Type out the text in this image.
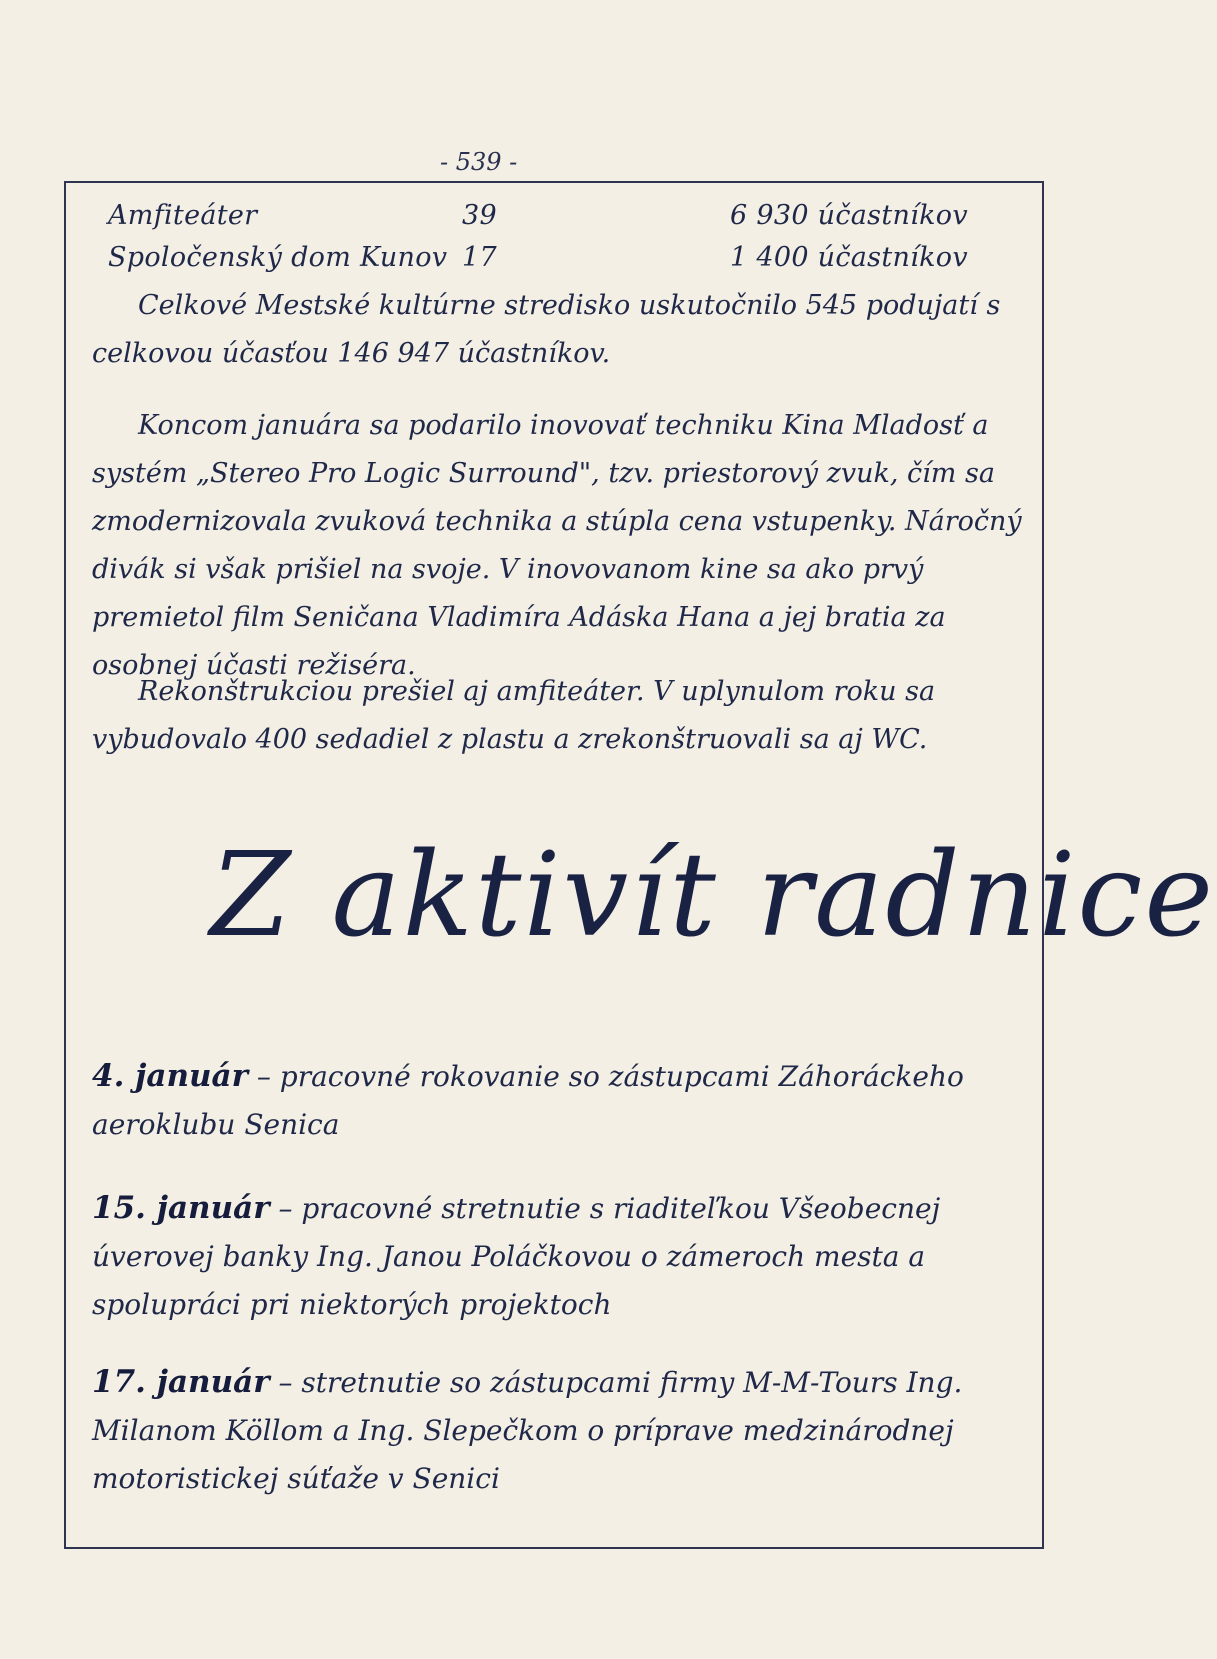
- 539 -
Amfiteáter	39	6 930 účastníkov
Spoločenský dom Kunov 17	1 400 účastníkov
Celkové Mestské kultúrne stredisko uskutočnilo 545 podujatí s celkovou účasťou 146 947 účastníkov.
Koncom januára sa podarilo inovovať techniku Kina Mladosť a systém „Stereo Pro Logic Surround", tzv. priestorový zvuk, čím sa zmodernizovala zvuková technika a stúpla cena vstupenky. Náročný divák si však prišiel na svoje. V inovovanom kine sa ako prvý premietol film Seničana Vladimíra Adáska Hana a jej bratia za osobnej účasti režiséra.
Rekonštrukciou prešiel aj amfiteáter. V uplynulom roku sa vybudovalo 400 sedadiel z plastu a zrekonštruovali sa aj WC.
Z aktivít radnice
4. január – pracovné rokovanie so zástupcami Záhoráckeho aeroklubu Senica
15. január – pracovné stretnutie s riaditeľkou Všeobecnej úverovej banky Ing. Janou Poláčkovou o zámeroch mesta a spolupráci pri niektorých projektoch
17. január – stretnutie so zástupcami firmy M-M-Tours Ing. Milanom Köllom a Ing. Slepečkom o príprave medzinárodnej motoristickej súťaže v Senici
